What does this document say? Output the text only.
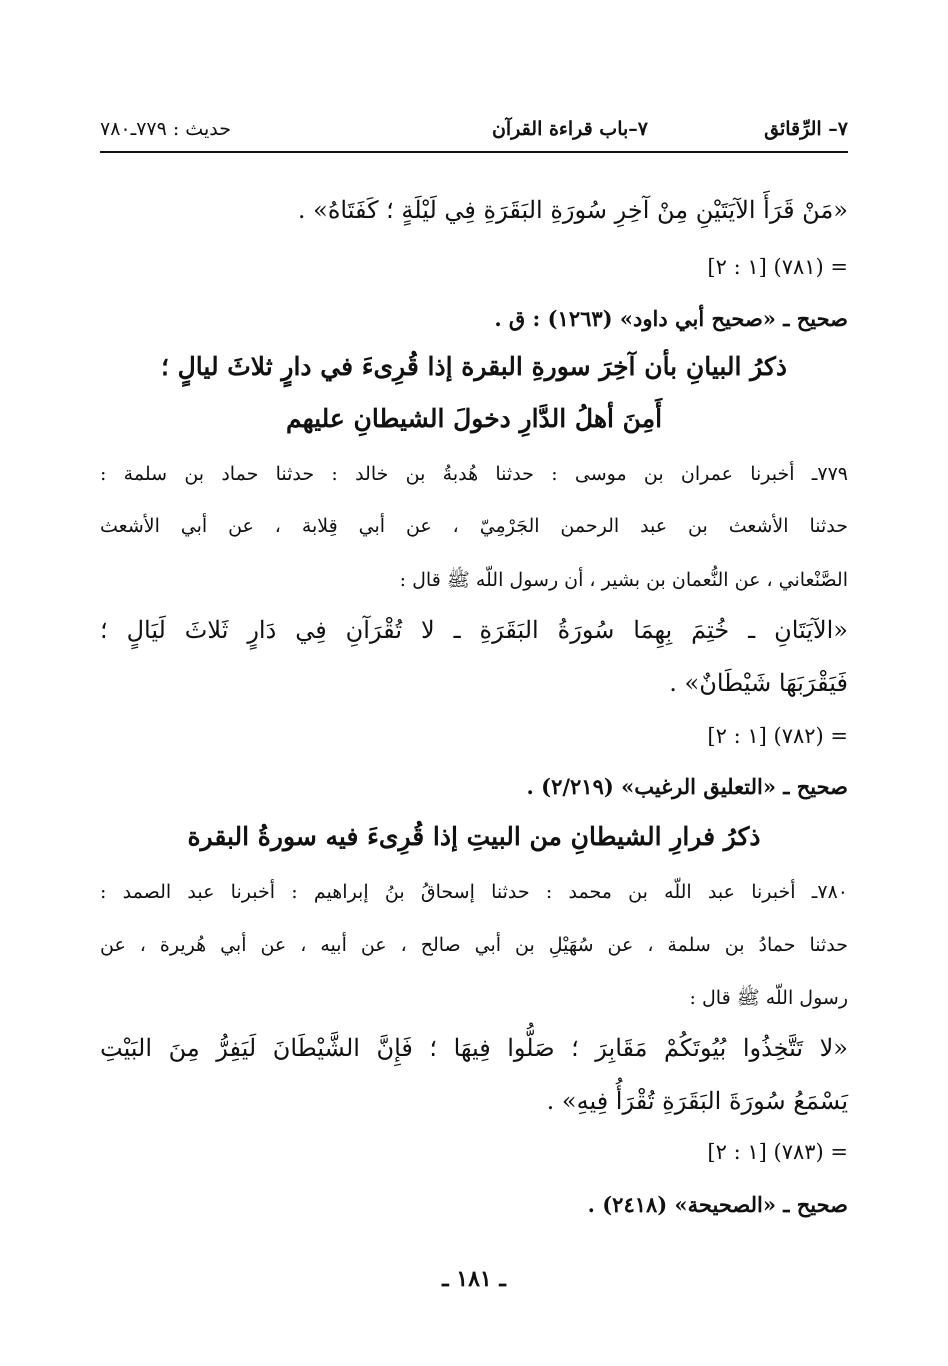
٧– الرِّقائق
٧–باب قراءة القرآن
حديث : ٧٧٩ـ٧٨٠
«مَنْ قَرَأَ الآيَتَيْنِ مِنْ آخِرِ سُورَةِ البَقَرَةِ فِي لَيْلَةٍ ؛ كَفَتَاهُ» .
= (٧٨١) [١ : ٢]
صحيح ـ «صحيح أبي داود» (١٢٦٣) : ق .
ذكرُ البيانِ بأن آخِرَ سورةِ البقرة إذا قُرِىءَ في دارٍ ثلاثَ ليالٍ ؛
أَمِنَ أهلُ الدَّارِ دخولَ الشيطانِ عليهم
٧٧٩ـ أخبرنا عمران بن موسى : حدثنا هُدبةُ بن خالد : حدثنا حماد بن سلمة :
حدثنا الأشعث بن عبد الرحمن الجَرْمِيّ ، عن أبي قِلابة ، عن أبي الأشعث
الصَّنْعاني ، عن النُّعمان بن بشير ، أن رسول اللّه ﷺ قال :
«الآيَتَانِ ـ خُتِمَ بِهِمَا سُورَةُ البَقَرَةِ ـ لا تُقْرَآنِ فِي دَارٍ ثَلاثَ لَيَالٍ ؛
فَيَقْرَبَهَا شَيْطَانٌ» .
= (٧٨٢) [١ : ٢]
صحيح ـ «التعليق الرغيب» (٢/٢١٩) .
ذكرُ فرارِ الشيطانِ من البيتِ إذا قُرِىءَ فيه سورةُ البقرة
٧٨٠ـ أخبرنا عبد اللّه بن محمد : حدثنا إسحاقُ بنُ إبراهيم : أخبرنا عبد الصمد :
حدثنا حمادُ بن سلمة ، عن سُهَيْلِ بن أبي صالح ، عن أبيه ، عن أبي هُريرة ، عن
رسول اللّه ﷺ قال :
«لا تَتَّخِذُوا بُيُوتَكُمْ مَقَابِرَ ؛ صَلُّوا فِيهَا ؛ فَإِنَّ الشَّيْطَانَ لَيَفِرُّ مِنَ البَيْتِ
يَسْمَعُ سُورَةَ البَقَرَةِ تُقْرَأُ فِيهِ» .
= (٧٨٣) [١ : ٢]
صحيح ـ «الصحيحة» (٢٤١٨) .
ـ ١٨١ ـ
